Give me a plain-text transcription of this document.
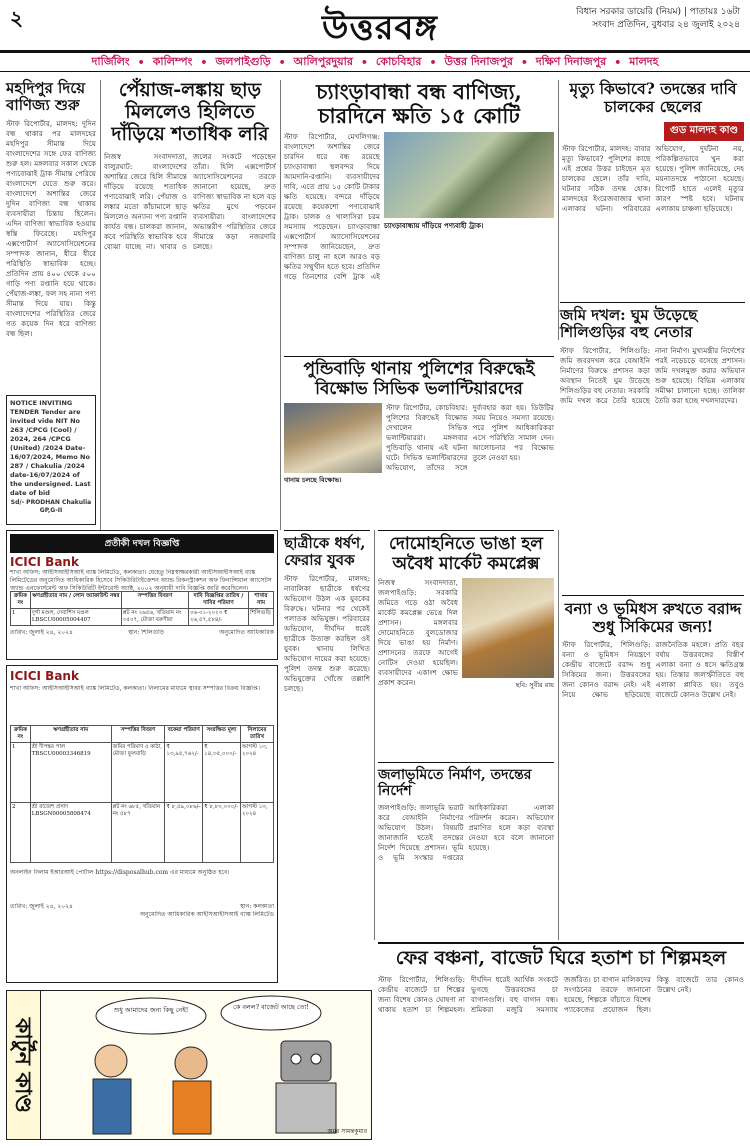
২	উত্তরবঙ্গ	বিধান সরকার ডায়েরি (নিয়ম) | পাতায়ঃ ১৬টা
সংবাদ প্রতিদিন, বুধবার ২৪ জুলাই ২০২৪
দার্জিলিং • কালিম্পং • জলপাইগুড়ি • আলিপুরদুয়ার • কোচবিহার • উত্তর দিনাজপুর • দক্ষিণ দিনাজপুর • মালদহ
মহদিপুর দিয়ে বাণিজ্য শুরু
স্টাফ রিপোর্টার, মালদহ: দুদিন বন্ধ থাকার পর মালদহের মহদিপুর সীমান্ত দিয়ে বাংলাদেশের সঙ্গে ফের বাণিজ্য শুরু হল। মঙ্গলবার সকাল থেকে পণ্যবোঝাই ট্রাক সীমান্ত পেরিয়ে বাংলাদেশে যেতে শুরু করে। বাংলাদেশে অশান্তির জেরে দুদিন বাণিজ্য বন্ধ থাকায় ব্যবসায়ীরা চিন্তায় ছিলেন। এদিন বাণিজ্য স্বাভাবিক হওয়ায় স্বস্তি ফিরেছে। মহদিপুর এক্সপোর্টার্স অ্যাসোসিয়েশনের সম্পাদক জানান, ধীরে ধীরে পরিস্থিতি স্বাভাবিক হচ্ছে। প্রতিদিন প্রায় ৪০০ থেকে ৫০০ গাড়ি পণ্য রপ্তানি হয়ে থাকে। পেঁয়াজ-লঙ্কা, ফল সহ নানা পণ্য সীমান্ত দিয়ে যায়। কিন্তু বাংলাদেশের পরিস্থিতির জেরে গত কয়েক দিন ধরে বাণিজ্য বন্ধ ছিল।
NOTICE INVITING TENDER Tender are invited vide NIT No 263 /CPCG (Cool) / 2024, 264 /CPCG (United) /2024 Date-16/07/2024, Memo No 287 / Chakulia /2024 date-16/07/2024 of the undersigned. Last date of bid
Sd/- PRODHAN Chakulia GP,G-II
পেঁয়াজ-লঙ্কায় ছাড় মিললেও হিলিতে দাঁড়িয়ে শতাধিক লরি
নিজস্ব সংবাদদাতা, বালুরঘাট: বাংলাদেশের অশান্তির জেরে হিলি সীমান্তে দাঁড়িয়ে রয়েছে শতাধিক পণ্যবোঝাই লরি। পেঁয়াজ ও লঙ্কার মতো কাঁচামালে ছাড় মিললেও অন্যান্য পণ্য রপ্তানি কার্যত বন্ধ। চালকরা জানান, কবে পরিস্থিতি স্বাভাবিক হবে বোঝা যাচ্ছে না। খাবার ও জলের সংকটে পড়েছেন তাঁরা। হিলি এক্সপোর্টার্স অ্যাসোসিয়েশনের তরফে জানানো হয়েছে, দ্রুত বাণিজ্য স্বাভাবিক না হলে বড় ক্ষতির মুখে পড়বেন ব্যবসায়ীরা। বাংলাদেশের অভ্যন্তরীণ পরিস্থিতির জেরে সীমান্তে কড়া নজরদারি চলছে।
চ্যাংড়াবান্ধা বন্ধ বাণিজ্য, চারদিনে ক্ষতি ১৫ কোটি
স্টাফ রিপোর্টার, মেখলিগঞ্জ: বাংলাদেশে অশান্তির জেরে চারদিন ধরে বন্ধ রয়েছে চ্যাংড়াবান্ধা স্থলবন্দর দিয়ে আমদানি-রপ্তানি। ব্যবসায়ীদের দাবি, এতে প্রায় ১৫ কোটি টাকার ক্ষতি হয়েছে। বন্দরে দাঁড়িয়ে রয়েছে কয়েকশো পণ্যবোঝাই ট্রাক। চালক ও খালাসিরা চরম সমস্যায় পড়েছেন। চ্যাংড়াবান্ধা এক্সপোর্টার্স অ্যাসোসিয়েশনের সম্পাদক জানিয়েছেন, দ্রুত বাণিজ্য চালু না হলে আরও বড় ক্ষতির সম্মুখীন হতে হবে। প্রতিদিন গড়ে তিনশোর বেশি ট্রাক এই
চ্যাংড়াবান্ধায় দাঁড়িয়ে পণ্যবাহী ট্রাক।
মৃত্যু কিভাবে? তদন্তের দাবি চালকের ছেলের
গুড মালদহ কাণ্ড
স্টাফ রিপোর্টার, মালদহ: বাবার মৃত্যু কিভাবে? পুলিশের কাছে এই প্রশ্নের উত্তর চাইছেন মৃত চালকের ছেলে। তাঁর দাবি, ঘটনার সঠিক তদন্ত হোক। মালদহের ইংরেজবাজার থানা এলাকার ঘটনা। পরিবারের অভিযোগ, দুর্ঘটনা নয়, পরিকল্পিতভাবে খুন করা হয়েছে। পুলিশ জানিয়েছে, দেহ ময়নাতদন্তে পাঠানো হয়েছে। রিপোর্ট হাতে এলেই মৃত্যুর কারণ স্পষ্ট হবে। ঘটনায় এলাকায় চাঞ্চল্য ছড়িয়েছে।
পুন্ডিবাড়ি থানায় পুলিশের বিরুদ্ধেই বিক্ষোভ সিভিক ভলান্টিয়ারদের
থানায় চলছে বিক্ষোভ।
স্টাফ রিপোর্টার, কোচবিহার: পুলিশের বিরুদ্ধেই বিক্ষোভ দেখালেন সিভিক ভলান্টিয়াররা। মঙ্গলবার পুন্ডিবাড়ি থানায় এই ঘটনা ঘটে। সিভিক ভলান্টিয়ারদের অভিযোগ, তাঁদের সঙ্গে দুর্ব্যবহার করা হয়। ডিউটির সময় নিয়েও সমস্যা রয়েছে। পরে পুলিশ আধিকারিকরা এসে পরিস্থিতি সামাল দেন। আলোচনার পর বিক্ষোভ তুলে নেওয়া হয়।
জমি দখল: ঘুম উড়েছে শিলিগুড়ির বহু নেতার
স্টাফ রিপোর্টার, শিলিগুড়ি: জমি জবরদখল করে বেআইনি নির্মাণের বিরুদ্ধে প্রশাসন কড়া অবস্থান নিতেই ঘুম উড়েছে শিলিগুড়ির বহু নেতার। সরকারি জমি দখল করে তৈরি হয়েছে নানা নির্মাণ। মুখ্যমন্ত্রীর নির্দেশের পরই নড়েচড়ে বসেছে প্রশাসন। জমি দখলমুক্ত করার অভিযান শুরু হয়েছে। বিভিন্ন এলাকায় সমীক্ষা চালানো হচ্ছে। তালিকা তৈরি করা হচ্ছে দখলদারদের।
প্রতীকী দখল বিজ্ঞপ্তি
ICICI Bank
শাখা অফিস: আইসিআইসিআই ব্যাঙ্ক লিমিটেড, কলকাতা। যেহেতু নিম্নস্বাক্ষরকারী আইসিআইসিআই ব্যাঙ্ক লিমিটেডের অনুমোদিত আধিকারিক হিসেবে সিকিউরিটাইজেশন অ্যান্ড রিকনস্ট্রাকশন অফ ফিনান্সিয়াল অ্যাসেটস অ্যান্ড এনফোর্সমেন্ট অফ সিকিউরিটি ইন্টারেস্ট অ্যাক্ট, ২০০২ অনুযায়ী দাবি বিজ্ঞপ্তি জারি করেছিলেন।
ক্রমিক নং	ঋণগ্রহীতার নাম / লোন অ্যাকাউন্ট নম্বর	সম্পত্তির বিবরণ	দাবি বিজ্ঞপ্তির তারিখ / দাবির পরিমাণ	শাখার নাম
1	দুর্গা মণ্ডল, দেবাশিস মণ্ডল LBSCU00005004407	প্লট নং ২৬৫৬, খতিয়ান নং ৩৫০৭, মৌজা বরুণীয়া	০৬-০১-২০২৩ ₹ ২৬,৫৭,৫৮৪/-	শিলিগুড়ি
তারিখ: জুলাই ২৪, ২০২৪	স্থান: শিলিগুড়ি	অনুমোদিত আধিকারিক
ICICI Bank
শাখা অফিস: আইসিআইসিআই ব্যাঙ্ক লিমিটেড, কলকাতা। নিলামের মাধ্যমে স্থাবর সম্পত্তির বিক্রয় বিজ্ঞপ্তি।
ক্রমিক নং	ঋণগ্রহীতার নাম	সম্পত্তির বিবরণ	বকেয়া পরিমাণ	সংরক্ষিত মূল্য	নিলামের তারিখ
1	শ্রী দীপঙ্কর পাল TBSCU00003346819	জমির পরিমাণ ৫ কাঠা, মৌজা ফুলবাড়ি	₹ ১৩,৯৫,৭৬২/-	₹ ১৪,৩৫,০০০/-	আগস্ট ১৩, ২০২৪
2	শ্রী রাজেশ প্রসাদ LBSGN00005808474	প্লট নং ৬৮৫, খতিয়ান নং ৫৮৭	₹ ৮,৫৯,০৮৬/-	₹ ৮,৮০,০০০/-	আগস্ট ১৩, ২০২৪
অনলাইন নিলাম ইআরআই পোর্টাল https://disposalhub.com এর মাধ্যমে অনুষ্ঠিত হবে।
তারিখ: জুলাই ২৪, ২০২৪	স্থান: কলকাতা
অনুমোদিত আধিকারিক আইসিআইসিআই ব্যাঙ্ক লিমিটেড
ছাত্রীকে ধর্ষণ, ফেরার যুবক
স্টাফ রিপোর্টার, মালদহ: নাবালিকা ছাত্রীকে ধর্ষণের অভিযোগ উঠল এক যুবকের বিরুদ্ধে। ঘটনার পর থেকেই পলাতক অভিযুক্ত। পরিবারের অভিযোগ, দীর্ঘদিন ধরেই ছাত্রীকে উত্যক্ত করছিল ওই যুবক। থানায় লিখিত অভিযোগ দায়ের করা হয়েছে। পুলিশ তদন্ত শুরু করেছে। অভিযুক্তের খোঁজে তল্লাশি চলছে।
দোমোহনিতে ভাঙা হল অবৈধ মার্কেট কমপ্লেক্স
নিজস্ব সংবাদদাতা, জলপাইগুড়ি: সরকারি জমিতে গড়ে ওঠা অবৈধ মার্কেট কমপ্লেক্স ভেঙে দিল প্রশাসন। মঙ্গলবার দোমোহনিতে বুলডোজার দিয়ে ভাঙা হয় নির্মাণ। প্রশাসনের তরফে আগেই নোটিস দেওয়া হয়েছিল। ব্যবসায়ীদের একাংশ ক্ষোভ প্রকাশ করেন।	ছবি: সুবীর রায়
জলাভূমিতে নির্মাণ, তদন্তের নির্দেশ
জলপাইগুড়ি: জলাভূমি ভরাট করে বেআইনি নির্মাণের অভিযোগ উঠল। বিষয়টি জানাজানি হতেই তদন্তের নির্দেশ দিয়েছে প্রশাসন। ভূমি ও ভূমি সংস্কার দপ্তরের আধিকারিকরা এলাকা পরিদর্শন করেন। অভিযোগ প্রমাণিত হলে কড়া ব্যবস্থা নেওয়া হবে বলে জানানো হয়েছে।
বন্যা ও ভূমিধস রুখতে বরাদ্দ শুধু সিকিমের জন্য!
স্টাফ রিপোর্টার, শিলিগুড়ি: বন্যা ও ভূমিধস নিয়ন্ত্রণে কেন্দ্রীয় বাজেটে বরাদ্দ শুধু সিকিমের জন্য। উত্তরবঙ্গের জন্য কোনও বরাদ্দ নেই। এই নিয়ে ক্ষোভ ছড়িয়েছে রাজনৈতিক মহলে। প্রতি বছর বর্ষায় উত্তরবঙ্গের বিস্তীর্ণ এলাকা বন্যা ও ধসে ক্ষতিগ্রস্ত হয়। তিস্তার জলস্ফীতিতে বহু এলাকা প্লাবিত হয়। তবুও বাজেটে কোনও উল্লেখ নেই।
ফের বঞ্চনা, বাজেট ঘিরে হতাশ চা শিল্পমহল
স্টাফ রিপোর্টার, শিলিগুড়ি: কেন্দ্রীয় বাজেটে চা শিল্পের জন্য বিশেষ কোনও ঘোষণা না থাকায় হতাশ চা শিল্পমহল। দীর্ঘদিন ধরেই আর্থিক সংকটে ভুগছে উত্তরবঙ্গের চা বাগানগুলি। বহু বাগান বন্ধ। শ্রমিকরা মজুরি সমস্যায় জর্জরিত। চা বাগান মালিকদের সংগঠনের তরফে জানানো হয়েছে, শিল্পকে বাঁচাতে বিশেষ প্যাকেজের প্রয়োজন ছিল। কিন্তু বাজেটে তার কোনও উল্লেখ নেই।
কার্টুন কাণ্ড
শুধু আমাদের জন্য কিছু নেই!	কে বলল? বাজেট আছে তো!
অমর সামন্তকুমার
